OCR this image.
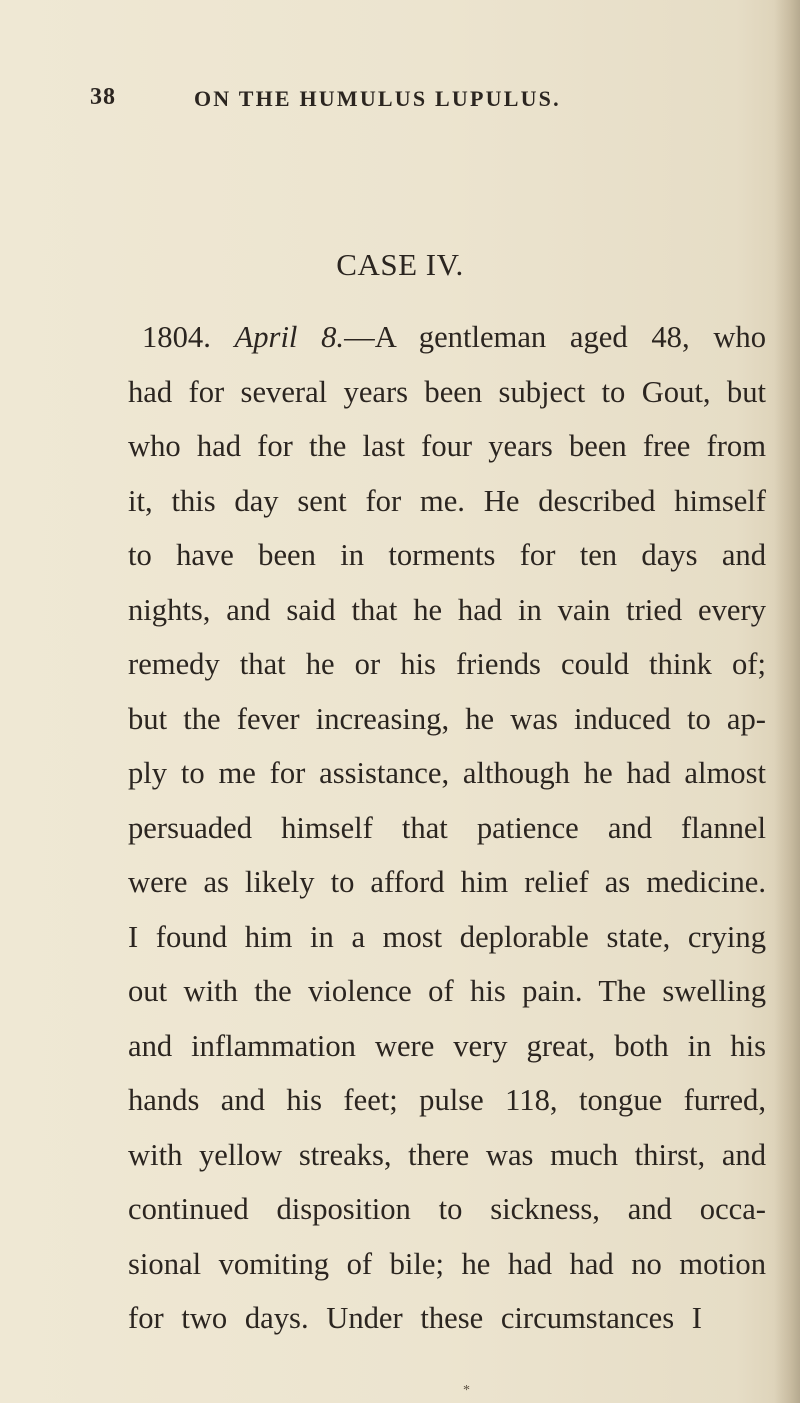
38	ON THE HUMULUS LUPULUS.
CASE IV.
1804. April 8.—A gentleman aged 48, who
had for several years been subject to Gout, but
who had for the last four years been free from
it, this day sent for me. He described himself
to have been in torments for ten days and
nights, and said that he had in vain tried every
remedy that he or his friends could think of;
but the fever increasing, he was induced to ap-
ply to me for assistance, although he had almost
persuaded himself that patience and flannel
were as likely to afford him relief as medicine.
I found him in a most deplorable state, crying
out with the violence of his pain. The swelling
and inflammation were very great, both in his
hands and his feet; pulse 118, tongue furred,
with yellow streaks, there was much thirst, and
continued disposition to sickness, and occa-
sional vomiting of bile; he had had no motion
for two days. Under these circumstances I
*
